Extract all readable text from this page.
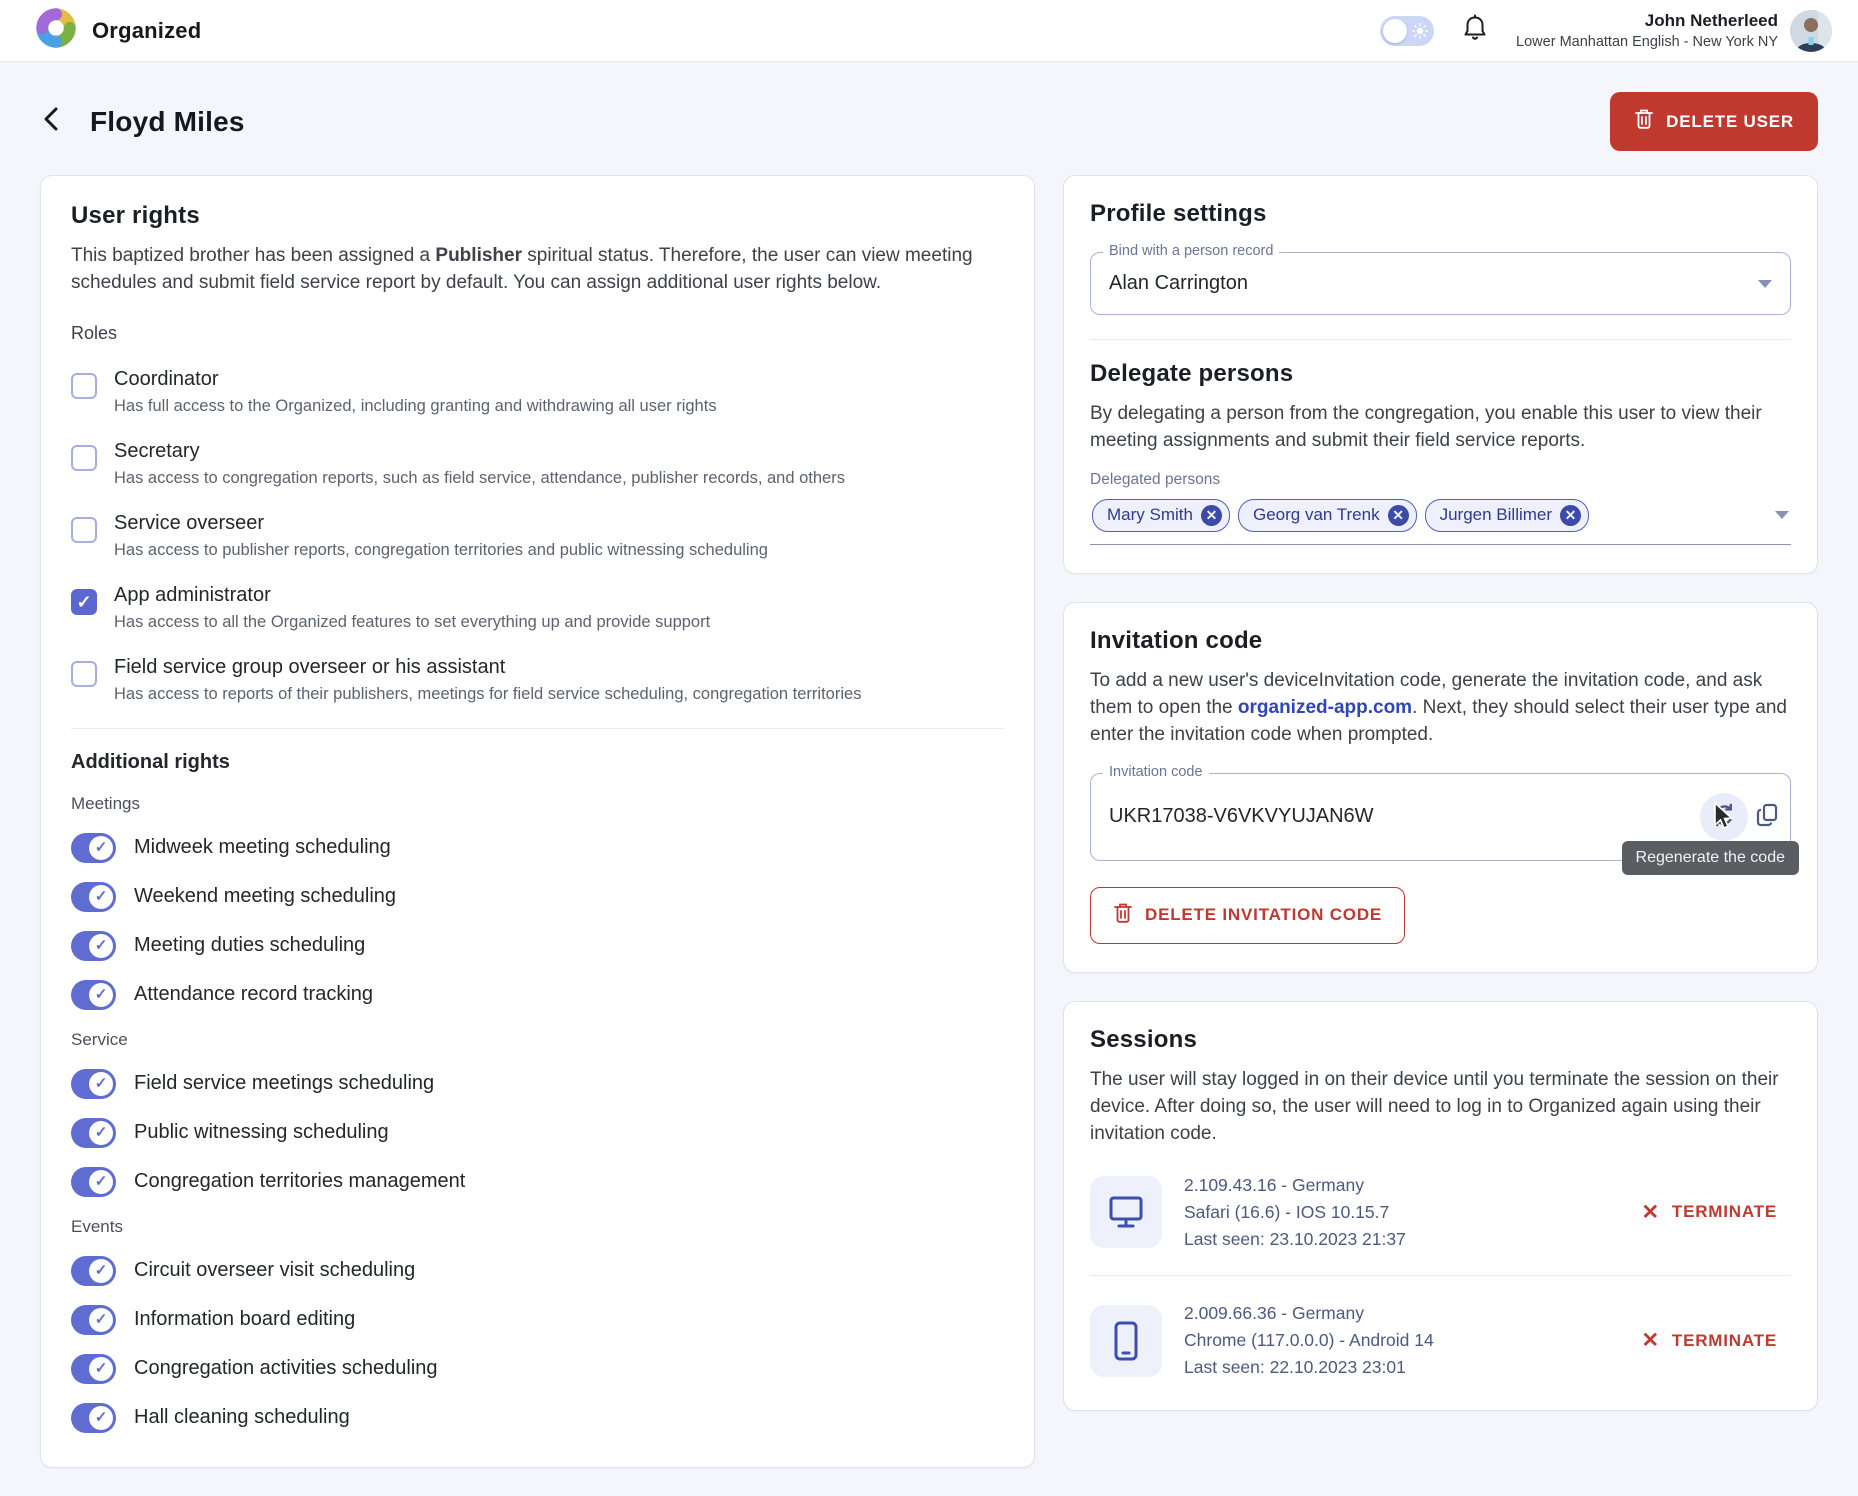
Organized	John Netherleed
Lower Manhattan English - New York NY
Floyd Miles	DELETE USER
User rights

This baptized brother has been assigned a Publisher spiritual status. Therefore, the user can view meeting schedules and submit field service report by default. You can assign additional user rights below.

Roles
Coordinator
Has full access to the Organized, including granting and withdrawing all user rights
Secretary
Has access to congregation reports, such as field service, attendance, publisher records, and others
Service overseer
Has access to publisher reports, congregation territories and public witnessing scheduling
✓
App administrator
Has access to all the Organized features to set everything up and provide support
Field service group overseer or his assistant
Has access to reports of their publishers, meetings for field service scheduling, congregation territories
Additional rights
Meetings
✓ Midweek meeting scheduling
✓ Weekend meeting scheduling
✓ Meeting duties scheduling
✓ Attendance record tracking
Service
✓ Field service meetings scheduling
✓ Public witnessing scheduling
✓ Congregation territories management
Events
✓ Circuit overseer visit scheduling
✓ Information board editing
✓ Congregation activities scheduling
✓ Hall cleaning scheduling
Profile settings
Bind with a person record
Alan Carrington
Delegate persons

By delegating a person from the congregation, you enable this user to view their meeting assignments and submit their field service reports.

Delegated persons
Mary Smith ✕ Georg van Trenk ✕ Jurgen Billimer ✕
Invitation code

To add a new user's deviceInvitation code, generate the invitation code, and ask them to open the organized-app.com. Next, they should select their user type and enter the invitation code when prompted.

Invitation code
UKR17038-V6VKVYUJAN6W
DELETE INVITATION CODE
Regenerate the code
Sessions

The user will stay logged in on their device until you terminate the session on their device. After doing so, the user will need to log in to Organized again using their invitation code.

2.109.43.16 - Germany
Safari (16.6) - IOS 10.15.7
Last seen: 23.10.2023 21:37
✕ TERMINATE
2.009.66.36 - Germany
Chrome (117.0.0.0) - Android 14
Last seen: 22.10.2023 23:01
✕ TERMINATE
